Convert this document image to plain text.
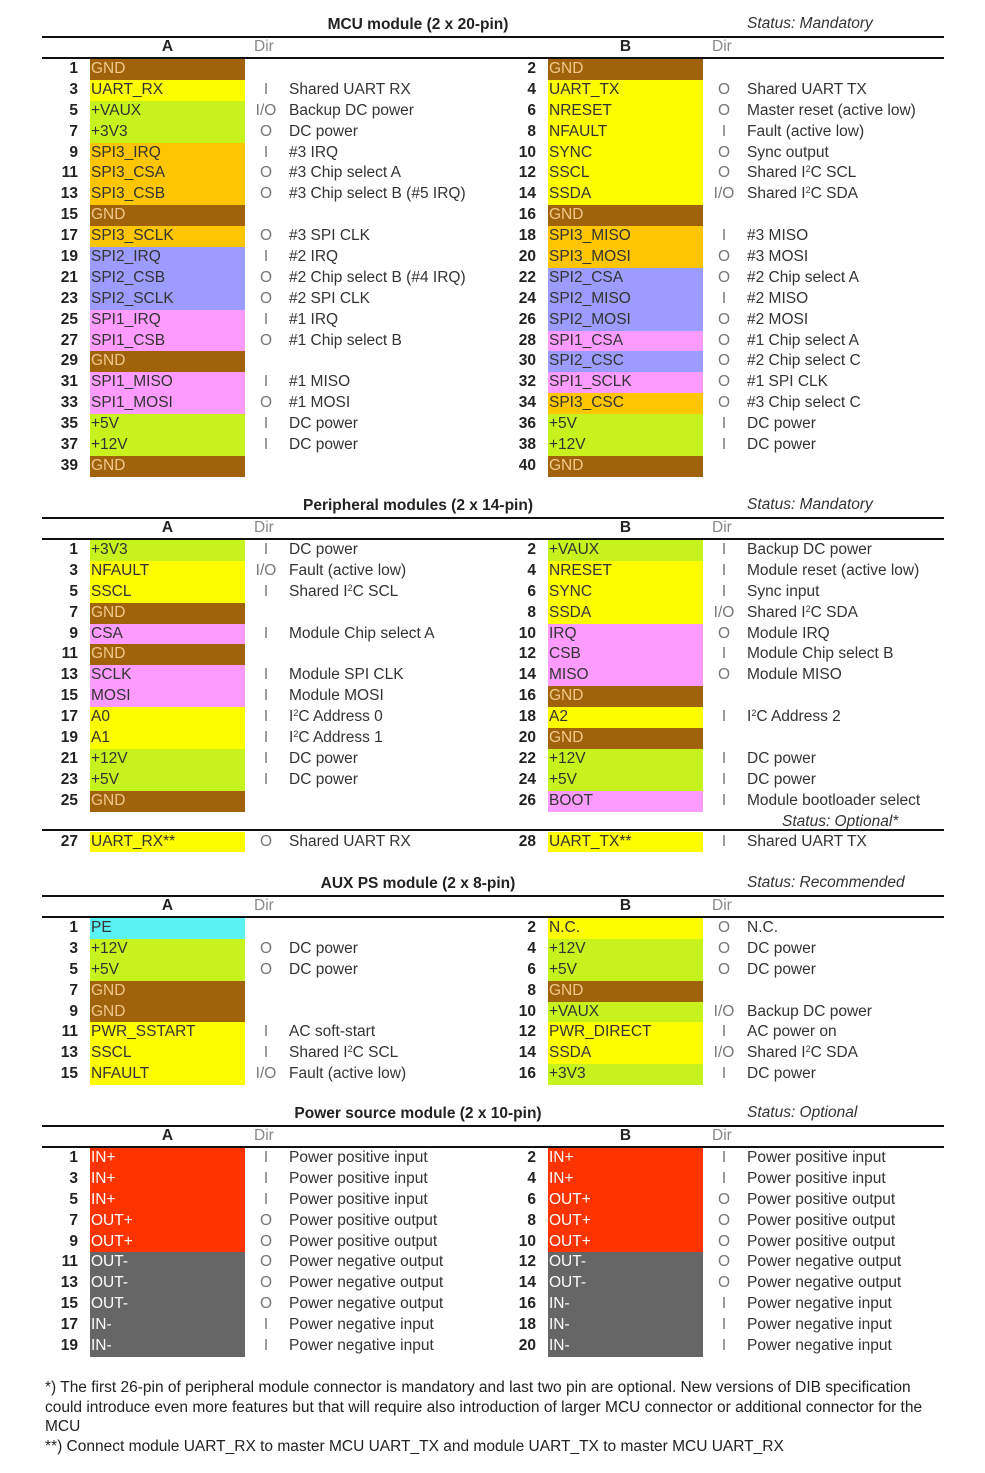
MCU module (2 x 20-pin)	Status: Mandatory
A	Dir	B	Dir
1 GND	2 GND
3 UART_RX	I	Shared UART RX	4 UART_TX	O	Shared UART TX
5 +VAUX	I/O Backup DC power	6 NRESET	O	Master reset (active low)
7 +3V3	O	DC power	8 NFAULT	I	Fault (active low)
9 SPI3_IRQ	I	#3 IRQ	10 SYNC	O	Sync output
11 SPI3_CSA	O	#3 Chip select A	12 SSCL	O	Shared $I^2C$ SCL
13 SPI3_CSB	O	#3 Chip select B (#5 IRQ)	14 SSDA	I/O Shared $I^2C$ SDA
15 GND	16 GND
17 SPI3_SCLK	O	#3 SPI CLK	18 SPI3_MISO	I	#3 MISO
19 SPI2_IRQ	I	#2 IRQ	20 SPI3_MOSI	O	#3 MOSI
21 SPI2_CSB	O	#2 Chip select B (#4 IRQ)	22 SPI2_CSA	O	#2 Chip select A
23 SPI2_SCLK	O	#2 SPI CLK	24 SPI2_MISO	I	#2 MISO
25 SPI1_IRQ	I	#1 IRQ	26 SPI2_MOSI	O	#2 MOSI
27 SPI1_CSB	O	#1 Chip select B	28 SPI1_CSA	O	#1 Chip select A
29 GND	30 SPI2_CSC	O	#2 Chip select C
31 SPI1_MISO	I	#1 MISO	32 SPI1_SCLK	O	#1 SPI CLK
33 SPI1_MOSI	O	#1 MOSI	34 SPI3_CSC	O	#3 Chip select C
35 +5V	I	DC power	36 +5V	I	DC power
37 +12V	I	DC power	38 +12V	I	DC power
39 GND	40 GND
Peripheral modules (2 x 14-pin)	Status: Mandatory
A	Dir	B	Dir
1 +3V3	I	DC power	2 +VAUX	I	Backup DC power
3 NFAULT	I/O Fault (active low)	4 NRESET	I	Module reset (active low)
5 SSCL	I	Shared $I^2C$ SCL	6 SYNC	I	Sync input
7 GND	8 SSDA	I/O Shared $I^2C$ SDA
9 CSA	I	Module Chip select A	10 IRQ	O	Module IRQ
11 GND	12 CSB	I	Module Chip select B
13 SCLK	I	Module SPI CLK	14 MISO	O	Module MISO
15 MOSI	I	Module MOSI	16 GND
17 A0	I	$I^2C$ Address 0	18 A2	I	$I^2C$ Address 2
19 A1	I	$I^2C$ Address 1	20 GND
21 +12V	I	DC power	22 +12V	I	DC power
23 +5V	I	DC power	24 +5V	I	DC power
25 GND	26 BOOT	I	Module bootloader select
Status: Optional*
27 UART_RX**	O	Shared UART RX	28 UART_TX**	I	Shared UART TX
AUX PS module (2 x 8-pin)	Status: Recommended
A	Dir	B	Dir
1 PE	2 N.C.	O	N.C.
3 +12V	O	DC power	4 +12V	O	DC power
5 +5V	O	DC power	6 +5V	O	DC power
7 GND	8 GND
9 GND	10 +VAUX	I/O Backup DC power
11 PWR_SSTART	I	AC soft-start	12 PWR_DIRECT	I	AC power on
13 SSCL	I	Shared $I^2C$ SCL	14 SSDA	I/O Shared $I^2C$ SDA
15 NFAULT	I/O Fault (active low)	16 +3V3	I	DC power
Power source module (2 x 10-pin)	Status: Optional
A	Dir	B	Dir
1 IN+	I	Power positive input	2 IN+	I	Power positive input
3 IN+	I	Power positive input	4 IN+	I	Power positive input
5 IN+	I	Power positive input	6 OUT+	O	Power positive output
7 OUT+	O	Power positive output	8 OUT+	O	Power positive output
9 OUT+	O	Power positive output	10 OUT+	O	Power positive output
11 OUT-	O	Power negative output	12 OUT-	O	Power negative output
13 OUT-	O	Power negative output	14 OUT-	O	Power negative output
15 OUT-	O	Power negative output	16 IN-	I	Power negative input
17 IN-	I	Power negative input	18 IN-	I	Power negative input
19 IN-	I	Power negative input	20 IN-	I	Power negative input
*) The first 26-pin of peripheral module connector is mandatory and last two pin are optional. New versions of DIB specification could introduce even more features but that will require also introduction of larger MCU connector or additional connector for the MCU
**) Connect module UART_RX to master MCU UART_TX and module UART_TX to master MCU UART_RX
